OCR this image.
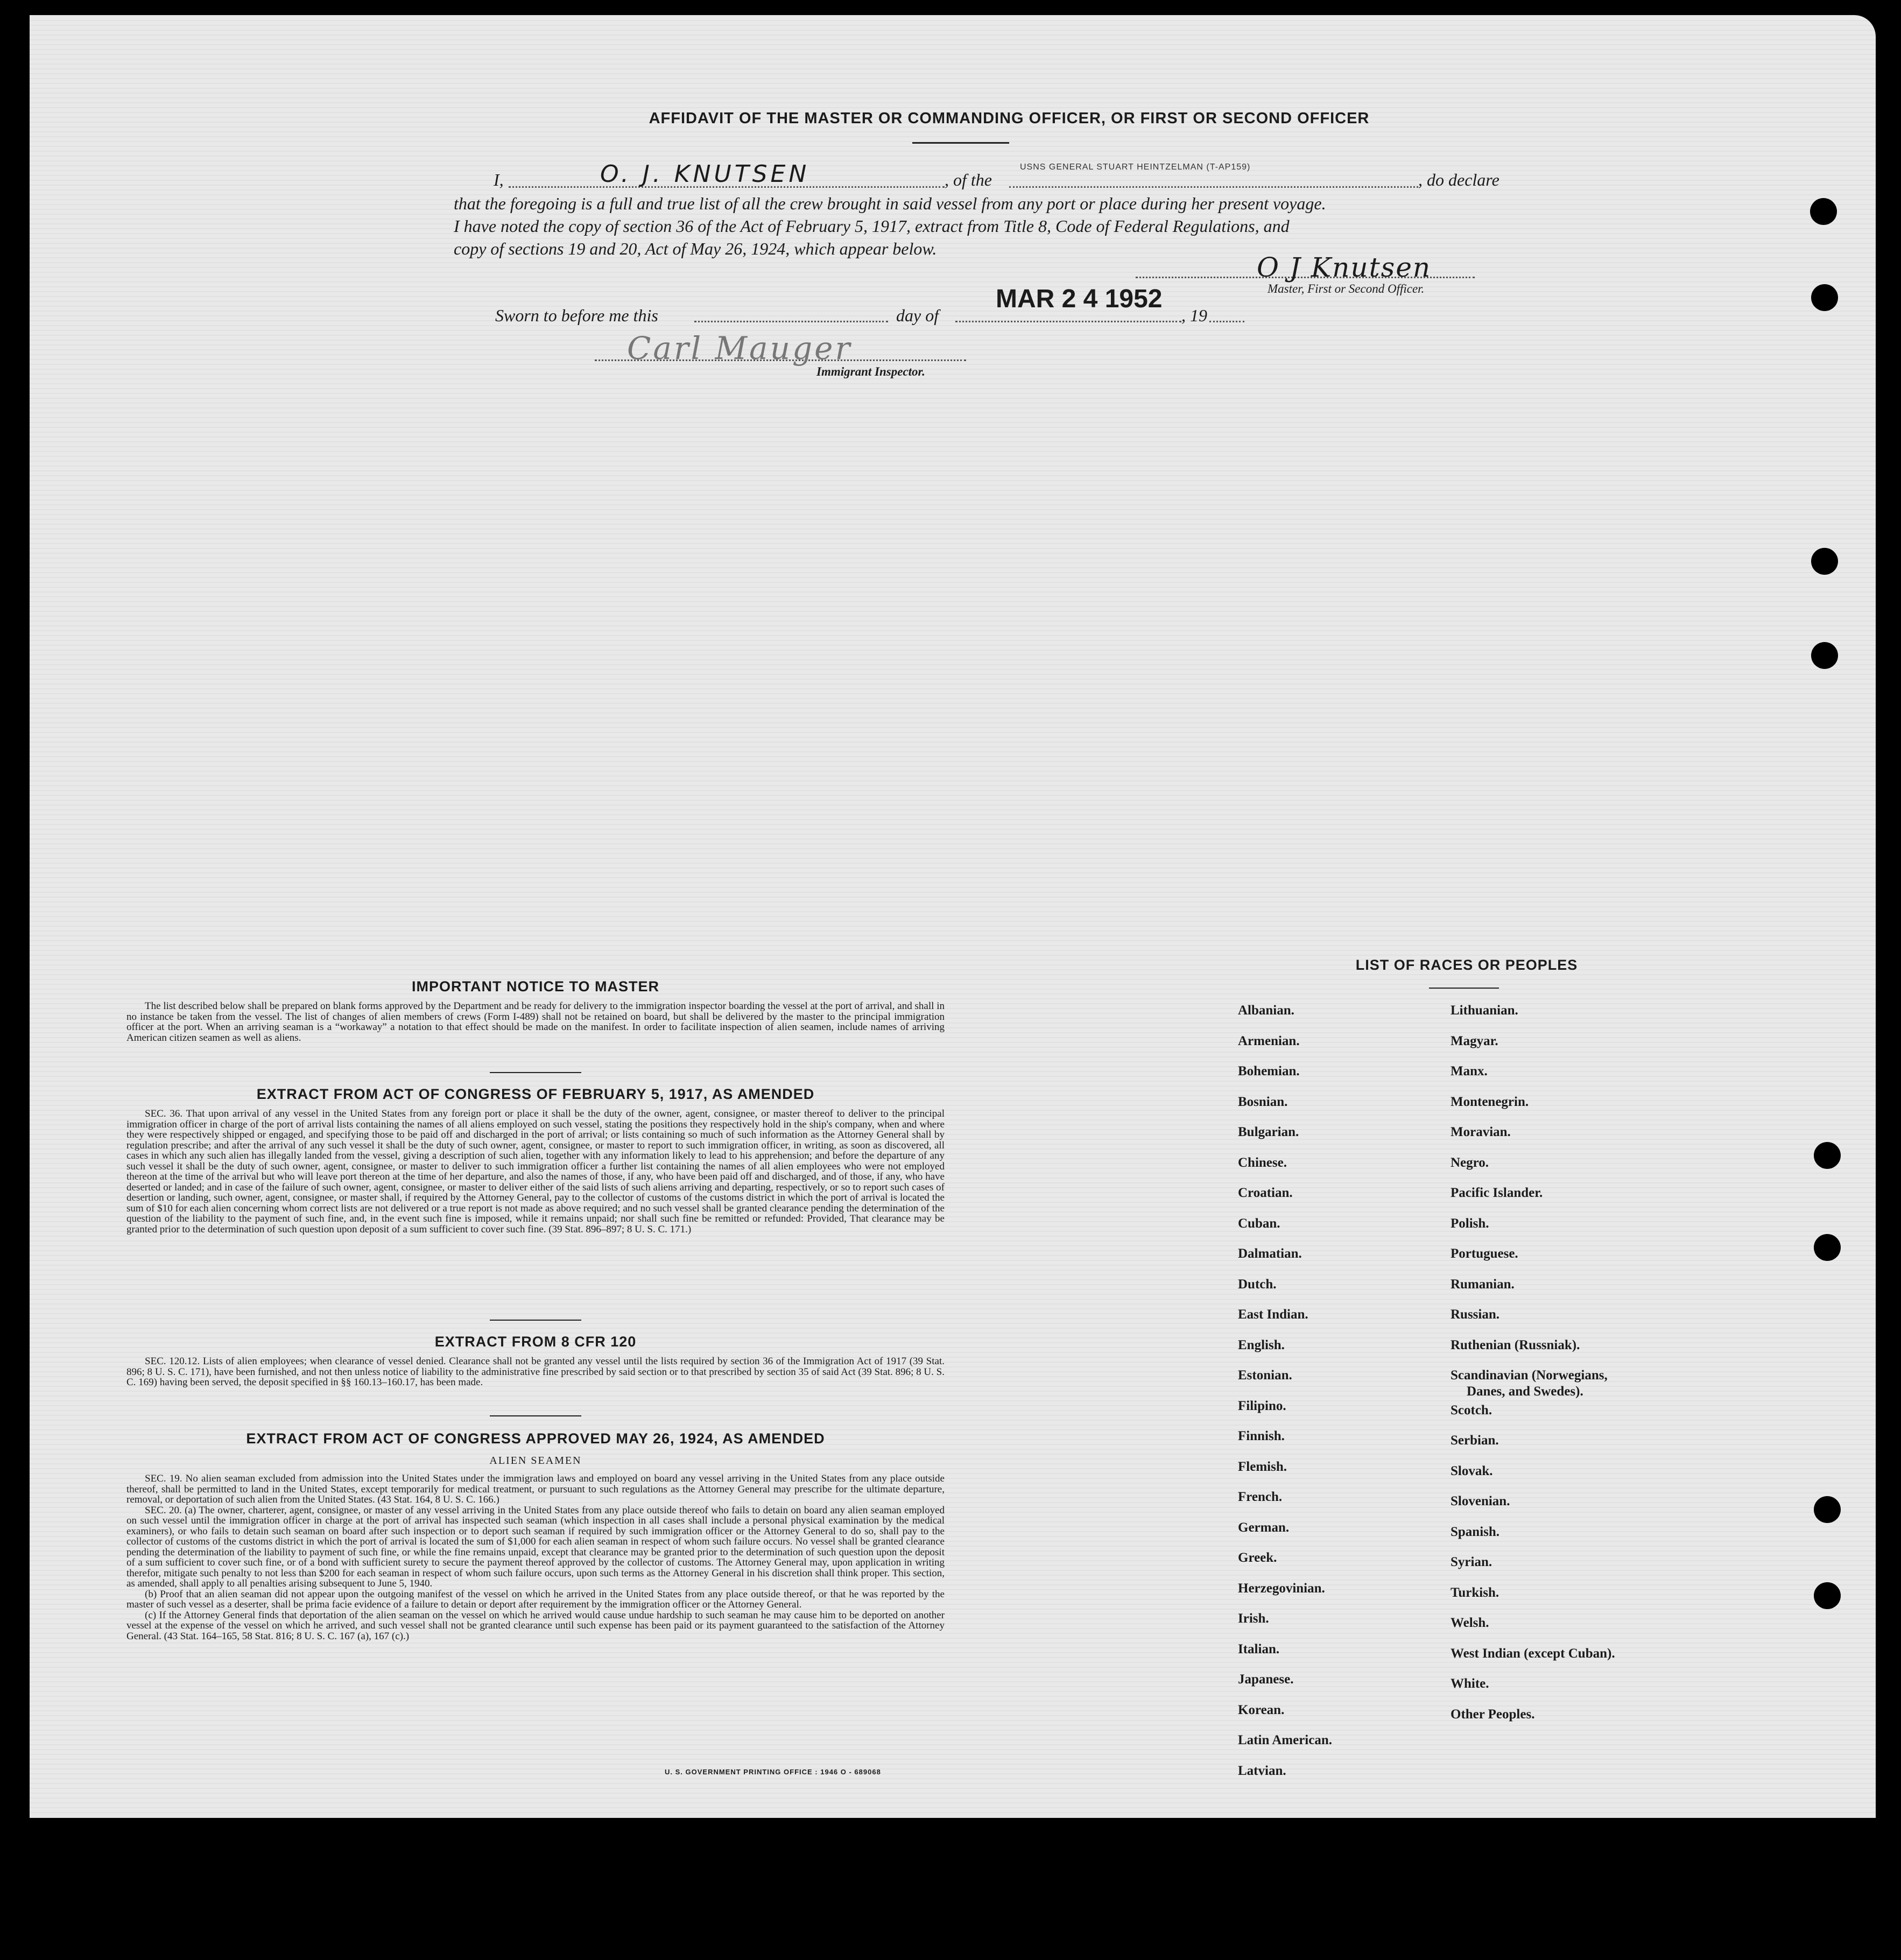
AFFIDAVIT OF THE MASTER OR COMMANDING OFFICER, OR FIRST OR SECOND OFFICER
I,	O. J. KNUTSEN	, of the
USNS GENERAL STUART HEINTZELMAN (T-AP159)
, do declare
that the foregoing is a full and true list of all the crew brought in said vessel from any port or place during her present voyage.
I have noted the copy of section 36 of the Act of February 5, 1917, extract from Title 8, Code of Federal Regulations, and
copy of sections 19 and 20, Act of May 26, 1924, which appear below.
O J Knutsen
Master, First or Second Officer.
Sworn to before me this	day of
MAR 2 4 1952
, 19
Carl Mauger
Immigrant Inspector.
IMPORTANT NOTICE TO MASTER

The list described below shall be prepared on blank forms approved by the Department and be ready for delivery to the immigration inspector boarding the vessel at the port of arrival, and shall in no instance be taken from the vessel. The list of changes of alien members of crews (Form I-489) shall not be retained on board, but shall be delivered by the master to the principal immigration officer at the port. When an arriving seaman is a “workaway” a notation to that effect should be made on the manifest. In order to facilitate inspection of alien seamen, include names of arriving American citizen seamen as well as aliens.

EXTRACT FROM ACT OF CONGRESS OF FEBRUARY 5, 1917, AS AMENDED

SEC. 36. That upon arrival of any vessel in the United States from any foreign port or place it shall be the duty of the owner, agent, consignee, or master thereof to deliver to the principal immigration officer in charge of the port of arrival lists containing the names of all aliens employed on such vessel, stating the positions they respectively hold in the ship's company, when and where they were respectively shipped or engaged, and specifying those to be paid off and discharged in the port of arrival; or lists containing so much of such information as the Attorney General shall by regulation prescribe; and after the arrival of any such vessel it shall be the duty of such owner, agent, consignee, or master to report to such immigration officer, in writing, as soon as discovered, all cases in which any such alien has illegally landed from the vessel, giving a description of such alien, together with any information likely to lead to his apprehension; and before the departure of any such vessel it shall be the duty of such owner, agent, consignee, or master to deliver to such immigration officer a further list containing the names of all alien employees who were not employed thereon at the time of the arrival but who will leave port thereon at the time of her departure, and also the names of those, if any, who have been paid off and discharged, and of those, if any, who have deserted or landed; and in case of the failure of such owner, agent, consignee, or master to deliver either of the said lists of such aliens arriving and departing, respectively, or so to report such cases of desertion or landing, such owner, agent, consignee, or master shall, if required by the Attorney General, pay to the collector of customs of the customs district in which the port of arrival is located the sum of $10 for each alien concerning whom correct lists are not delivered or a true report is not made as above required; and no such vessel shall be granted clearance pending the determination of the question of the liability to the payment of such fine, and, in the event such fine is imposed, while it remains unpaid; nor shall such fine be remitted or refunded: Provided, That clearance may be granted prior to the determination of such question upon deposit of a sum sufficient to cover such fine. (39 Stat. 896–897; 8 U. S. C. 171.)

EXTRACT FROM 8 CFR 120

SEC. 120.12. Lists of alien employees; when clearance of vessel denied. Clearance shall not be granted any vessel until the lists required by section 36 of the Immigration Act of 1917 (39 Stat. 896; 8 U. S. C. 171), have been furnished, and not then unless notice of liability to the administrative fine prescribed by said section or to that prescribed by section 35 of said Act (39 Stat. 896; 8 U. S. C. 169) having been served, the deposit specified in §§ 160.13–160.17, has been made.

EXTRACT FROM ACT OF CONGRESS APPROVED MAY 26, 1924, AS AMENDED
ALIEN SEAMEN

SEC. 19. No alien seaman excluded from admission into the United States under the immigration laws and employed on board any vessel arriving in the United States from any place outside thereof, shall be permitted to land in the United States, except temporarily for medical treatment, or pursuant to such regulations as the Attorney General may prescribe for the ultimate departure, removal, or deportation of such alien from the United States. (43 Stat. 164, 8 U. S. C. 166.)

SEC. 20. (a) The owner, charterer, agent, consignee, or master of any vessel arriving in the United States from any place outside thereof who fails to detain on board any alien seaman employed on such vessel until the immigration officer in charge at the port of arrival has inspected such seaman (which inspection in all cases shall include a personal physical examination by the medical examiners), or who fails to detain such seaman on board after such inspection or to deport such seaman if required by such immigration officer or the Attorney General to do so, shall pay to the collector of customs of the customs district in which the port of arrival is located the sum of $1,000 for each alien seaman in respect of whom such failure occurs. No vessel shall be granted clearance pending the determination of the liability to payment of such fine, or while the fine remains unpaid, except that clearance may be granted prior to the determination of such question upon the deposit of a sum sufficient to cover such fine, or of a bond with sufficient surety to secure the payment thereof approved by the collector of customs. The Attorney General may, upon application in writing therefor, mitigate such penalty to not less than $200 for each seaman in respect of whom such failure occurs, upon such terms as the Attorney General in his discretion shall think proper. This section, as amended, shall apply to all penalties arising subsequent to June 5, 1940.

(b) Proof that an alien seaman did not appear upon the outgoing manifest of the vessel on which he arrived in the United States from any place outside thereof, or that he was reported by the master of such vessel as a deserter, shall be prima facie evidence of a failure to detain or deport after requirement by the immigration officer or the Attorney General.

(c) If the Attorney General finds that deportation of the alien seaman on the vessel on which he arrived would cause undue hardship to such seaman he may cause him to be deported on another vessel at the expense of the vessel on which he arrived, and such vessel shall not be granted clearance until such expense has been paid or its payment guaranteed to the satisfaction of the Attorney General. (43 Stat. 164–165, 58 Stat. 816; 8 U. S. C. 167 (a), 167 (c).)

U. S. GOVERNMENT PRINTING OFFICE : 1946 O - 689068
LIST OF RACES OR PEOPLES
Albanian.
Armenian.
Bohemian.
Bosnian.
Bulgarian.
Chinese.
Croatian.
Cuban.
Dalmatian.
Dutch.
East Indian.
English.
Estonian.
Filipino.
Finnish.
Flemish.
French.
German.
Greek.
Herzegovinian.
Irish.
Italian.
Japanese.
Korean.
Latin American.
Latvian.
Lithuanian.
Magyar.
Manx.
Montenegrin.
Moravian.
Negro.
Pacific Islander.
Polish.
Portuguese.
Rumanian.
Russian.
Ruthenian (Russniak).
Scandinavian (Norwegians,
Danes, and Swedes).
Scotch.
Serbian.
Slovak.
Slovenian.
Spanish.
Syrian.
Turkish.
Welsh.
West Indian (except Cuban).
White.
Other Peoples.
